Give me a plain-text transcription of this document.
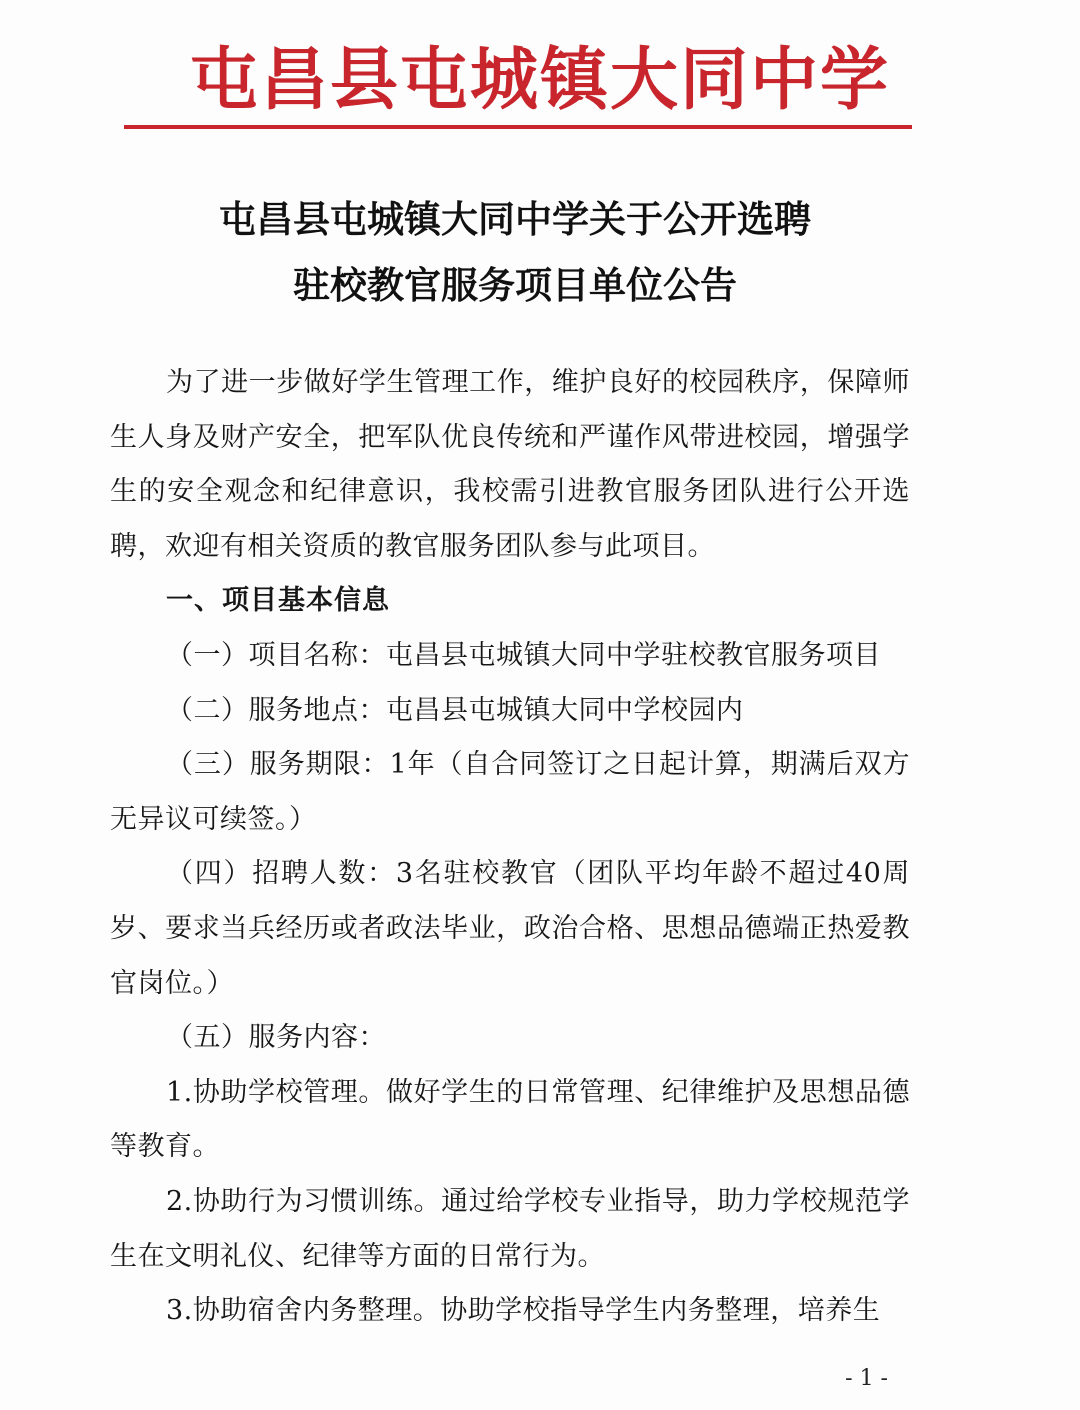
屯昌县屯城镇大同中学
屯昌县屯城镇大同中学关于公开选聘
驻校教官服务项目单位公告

为了进一步做好学生管理工作，维护良好的校园秩序，保障师生人身及财产安全，把军队优良传统和严谨作风带进校园，增强学生的安全观念和纪律意识，我校需引进教官服务团队进行公开选聘，欢迎有相关资质的教官服务团队参与此项目。

一、项目基本信息

（一）项目名称：屯昌县屯城镇大同中学驻校教官服务项目

（二）服务地点：屯昌县屯城镇大同中学校园内

（三）服务期限：1年（自合同签订之日起计算，期满后双方无异议可续签。）

（四）招聘人数：3名驻校教官（团队平均年龄不超过40周岁、要求当兵经历或者政法毕业，政治合格、思想品德端正热爱教官岗位。）

（五）服务内容：

1.协助学校管理。做好学生的日常管理、纪律维护及思想品德等教育。

2.协助行为习惯训练。通过给学校专业指导，助力学校规范学生在文明礼仪、纪律等方面的日常行为。

3.协助宿舍内务整理。协助学校指导学生内务整理，培养生

- 1 -
